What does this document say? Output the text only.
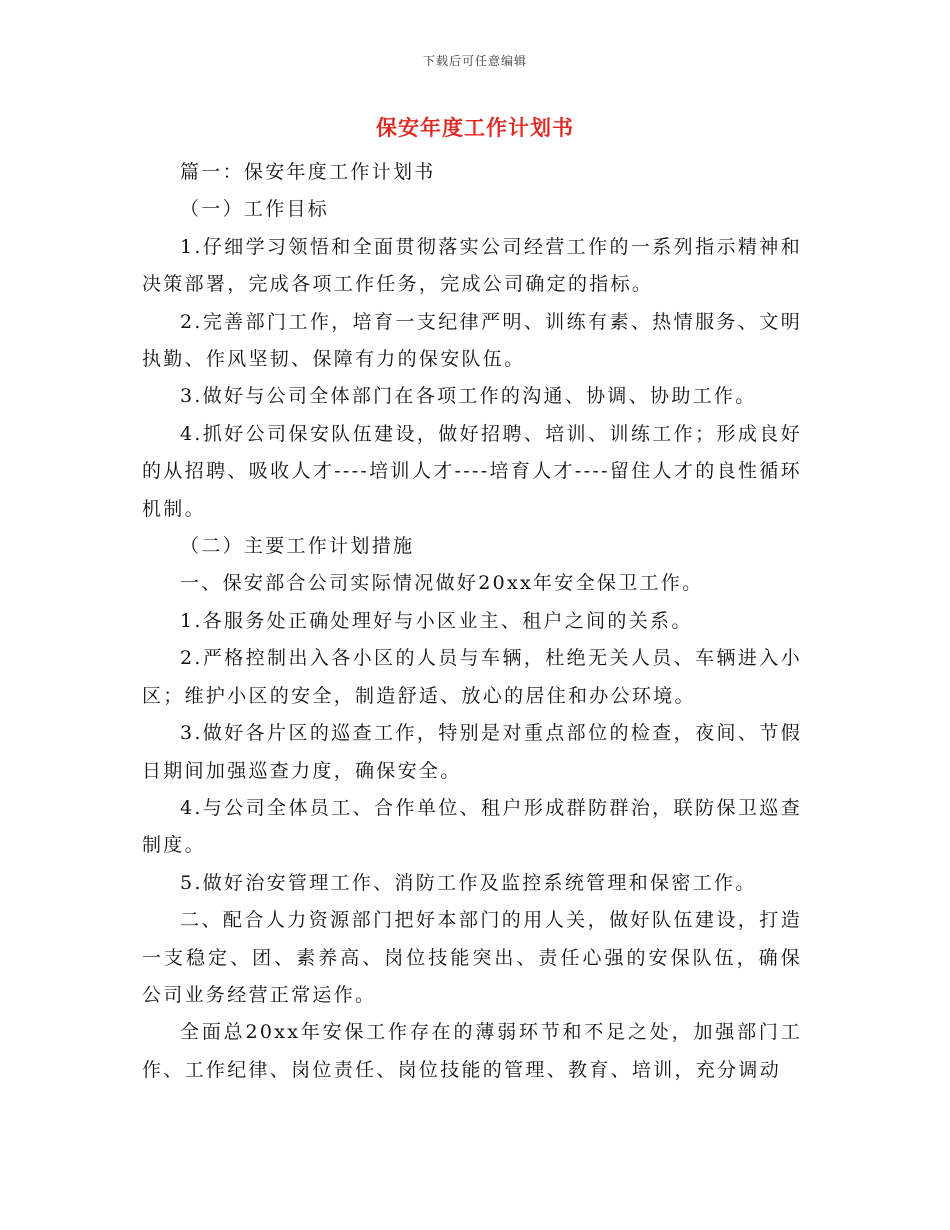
下载后可任意编辑
保安年度工作计划书

篇一：保安年度工作计划书

（一）工作目标

1.仔细学习领悟和全面贯彻落实公司经营工作的一系列指示精神和决策部署，完成各项工作任务，完成公司确定的指标。

2.完善部门工作，培育一支纪律严明、训练有素、热情服务、文明执勤、作风坚韧、保障有力的保安队伍。

3.做好与公司全体部门在各项工作的沟通、协调、协助工作。

4.抓好公司保安队伍建设，做好招聘、培训、训练工作；形成良好的从招聘、吸收人才----培训人才----培育人才----留住人才的良性循环机制。

（二）主要工作计划措施

一、保安部合公司实际情况做好20xx年安全保卫工作。

1.各服务处正确处理好与小区业主、租户之间的关系。

2.严格控制出入各小区的人员与车辆，杜绝无关人员、车辆进入小区；维护小区的安全，制造舒适、放心的居住和办公环境。

3.做好各片区的巡查工作，特别是对重点部位的检查，夜间、节假日期间加强巡查力度，确保安全。

4.与公司全体员工、合作单位、租户形成群防群治，联防保卫巡查制度。

5.做好治安管理工作、消防工作及监控系统管理和保密工作。

二、配合人力资源部门把好本部门的用人关，做好队伍建设，打造一支稳定、团、素养高、岗位技能突出、责任心强的安保队伍，确保公司业务经营正常运作。

全面总20xx年安保工作存在的薄弱环节和不足之处，加强部门工作、工作纪律、岗位责任、岗位技能的管理、教育、培训，充分调动
